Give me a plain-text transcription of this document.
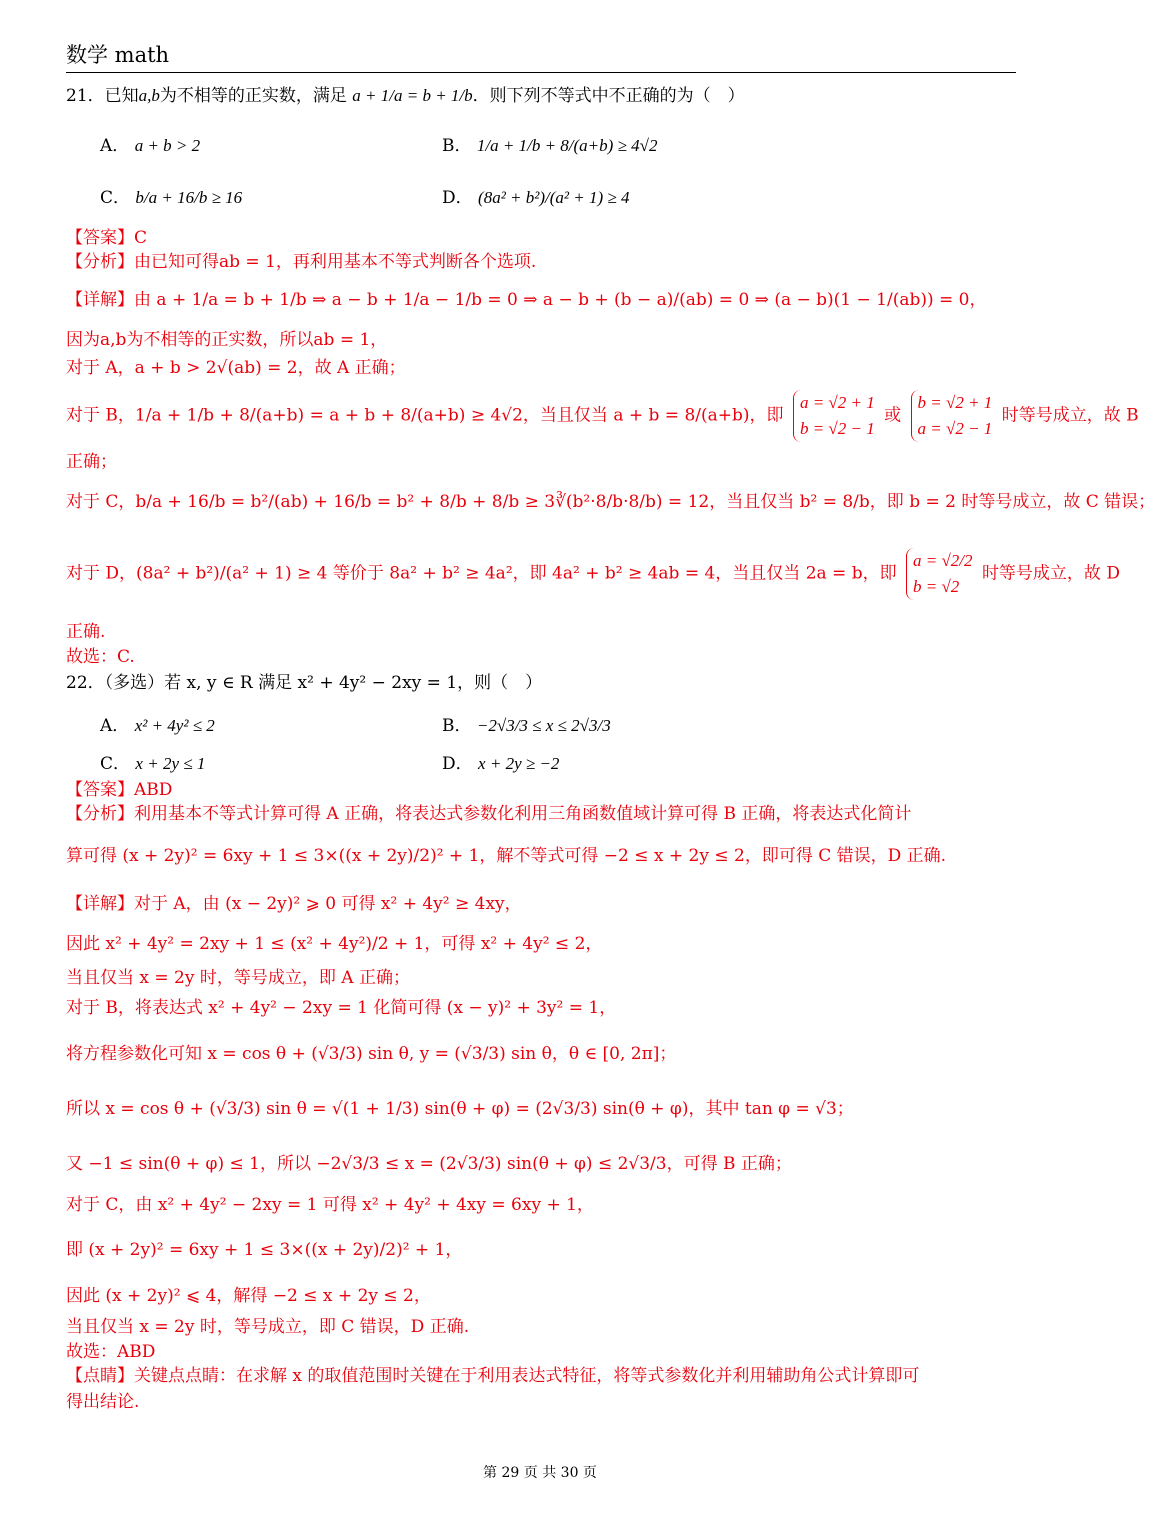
数学 math
21．已知a,b为不相等的正实数，满足 a + 1/a = b + 1/b．则下列不等式中不正确的为（　）
A． a + b > 2	B． 1/a + 1/b + 8/(a+b) ≥ 4√2
C． b/a + 16/b ≥ 16	D． (8a² + b²)/(a² + 1) ≥ 4
【答案】C
【分析】由已知可得ab = 1，再利用基本不等式判断各个选项.
【详解】由 a + 1/a = b + 1/b ⇒ a − b + 1/a − 1/b = 0 ⇒ a − b + (b − a)/(ab) = 0 ⇒ (a − b)(1 − 1/(ab)) = 0，
因为a,b为不相等的正实数，所以ab = 1，
对于 A，a + b > 2√(ab) = 2，故 A 正确；
对于 B，1/a + 1/b + 8/(a+b) = a + b + 8/(a+b) ≥ 4√2，当且仅当 a + b = 8/(a+b)，即
a = √2 + 1
b = √2 − 1
或
b = √2 + 1
a = √2 − 1
时等号成立，故 B
正确；
对于 C，b/a + 16/b = b²/(ab) + 16/b = b² + 8/b + 8/b ≥ 3∛(b²·8/b·8/b) = 12，当且仅当 b² = 8/b，即 b = 2 时等号成立，故 C 错误；
对于 D，(8a² + b²)/(a² + 1) ≥ 4 等价于 8a² + b² ≥ 4a²，即 4a² + b² ≥ 4ab = 4，当且仅当 2a = b，即
a = √2/2
b = √2
时等号成立，故 D
正确.
故选：C.
22．（多选）若 x, y ∈ R 满足 x² + 4y² − 2xy = 1，则（　）
A． x² + 4y² ≤ 2	B． −2√3/3 ≤ x ≤ 2√3/3
C． x + 2y ≤ 1	D． x + 2y ≥ −2
【答案】ABD
【分析】利用基本不等式计算可得 A 正确，将表达式参数化利用三角函数值域计算可得 B 正确，将表达式化简计
算可得 (x + 2y)² = 6xy + 1 ≤ 3×((x + 2y)/2)² + 1，解不等式可得 −2 ≤ x + 2y ≤ 2，即可得 C 错误，D 正确.
【详解】对于 A，由 (x − 2y)² ⩾ 0 可得 x² + 4y² ≥ 4xy，
因此 x² + 4y² = 2xy + 1 ≤ (x² + 4y²)/2 + 1，可得 x² + 4y² ≤ 2，
当且仅当 x = 2y 时，等号成立，即 A 正确；
对于 B，将表达式 x² + 4y² − 2xy = 1 化简可得 (x − y)² + 3y² = 1，
将方程参数化可知 x = cos θ + (√3/3) sin θ, y = (√3/3) sin θ，θ ∈ [0, 2π]；
所以 x = cos θ + (√3/3) sin θ = √(1 + 1/3) sin(θ + φ) = (2√3/3) sin(θ + φ)，其中 tan φ = √3；
又 −1 ≤ sin(θ + φ) ≤ 1，所以 −2√3/3 ≤ x = (2√3/3) sin(θ + φ) ≤ 2√3/3，可得 B 正确；
对于 C，由 x² + 4y² − 2xy = 1 可得 x² + 4y² + 4xy = 6xy + 1，
即 (x + 2y)² = 6xy + 1 ≤ 3×((x + 2y)/2)² + 1，
因此 (x + 2y)² ⩽ 4，解得 −2 ≤ x + 2y ≤ 2，
当且仅当 x = 2y 时，等号成立，即 C 错误，D 正确.
故选：ABD
【点睛】关键点点睛：在求解 x 的取值范围时关键在于利用表达式特征，将等式参数化并利用辅助角公式计算即可
得出结论.
第 29 页 共 30 页
